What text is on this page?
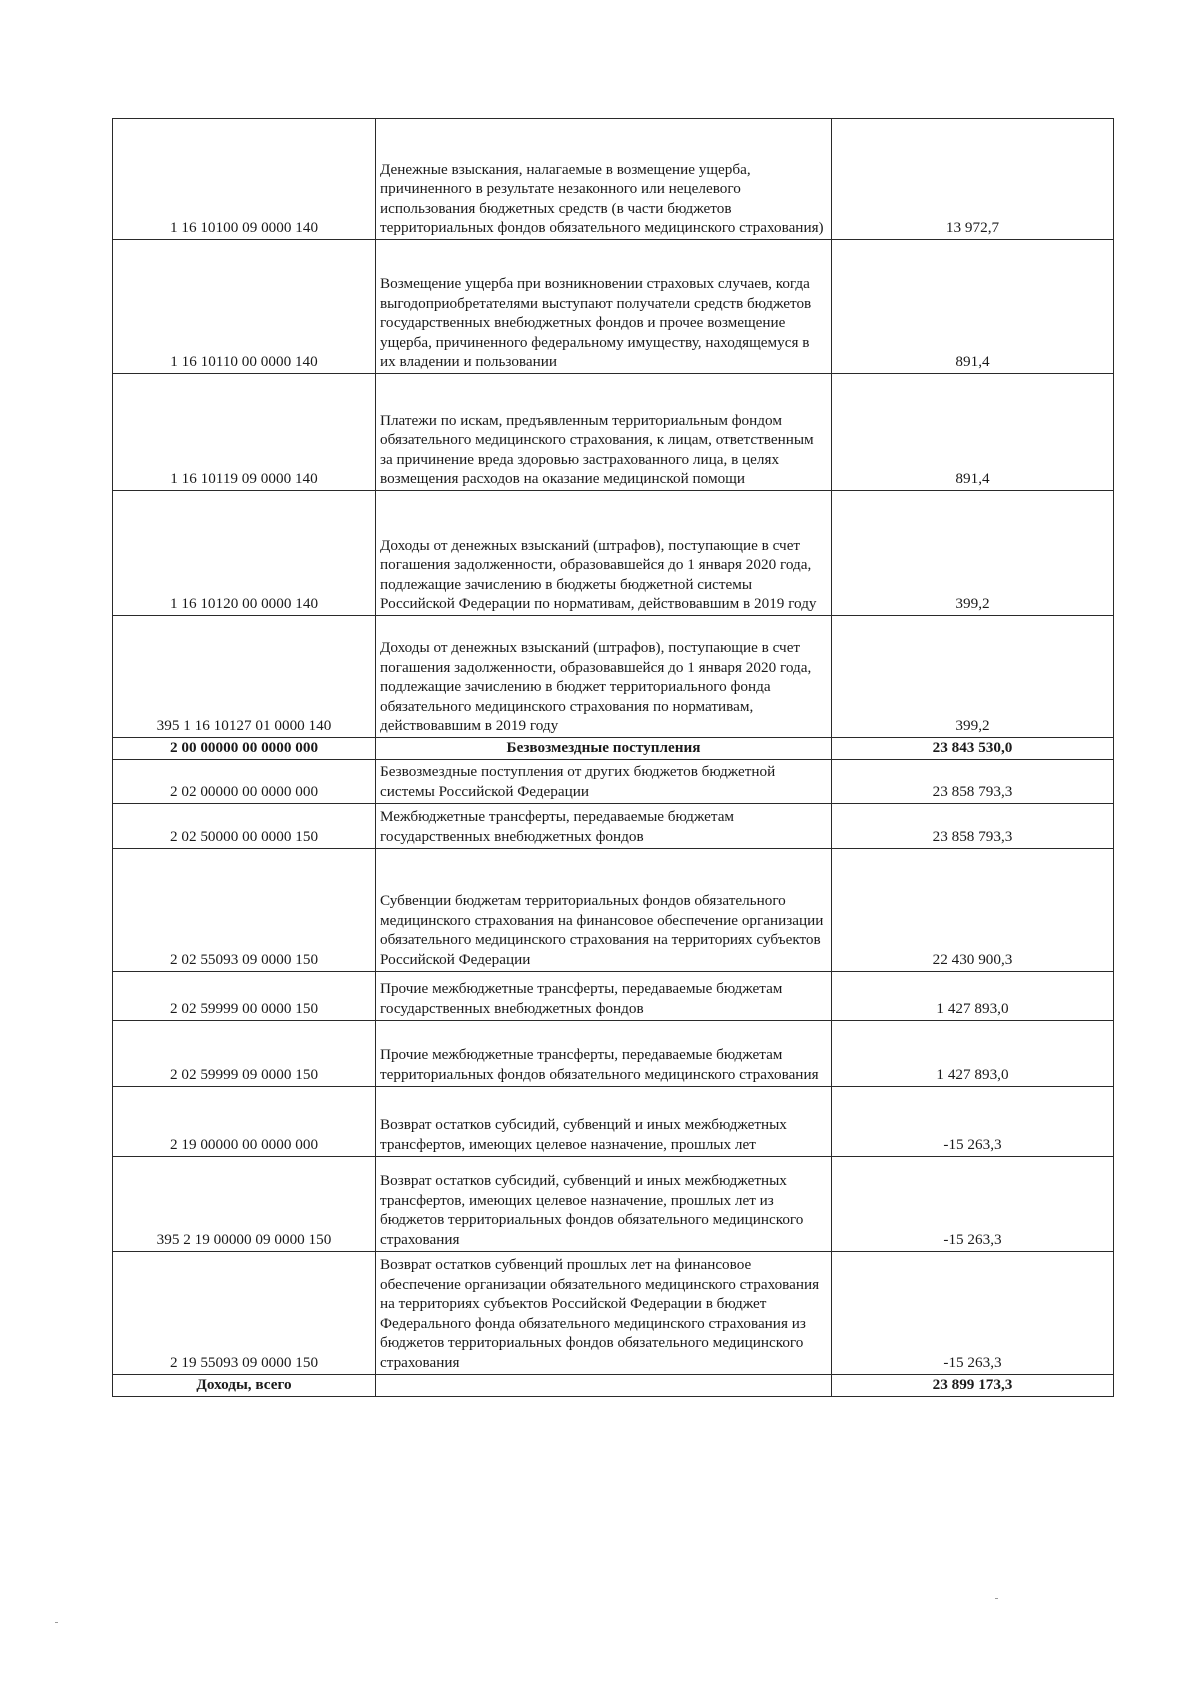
1 16 10100 09 0000 140	Денежные взыскания, налагаемые в возмещение ущерба, причиненного в результате незаконного или нецелевого использования бюджетных средств (в части бюджетов территориальных фондов обязательного медицинского страхования)	13 972,7
1 16 10110 00 0000 140	Возмещение ущерба при возникновении страховых случаев, когда выгодоприобретателями выступают получатели средств бюджетов государственных внебюджетных фондов и прочее возмещение ущерба, причиненного федеральному имуществу, находящемуся в их владении и пользовании	891,4
1 16 10119 09 0000 140	Платежи по искам, предъявленным территориальным фондом обязательного медицинского страхования, к лицам, ответственным за причинение вреда здоровью застрахованного лица, в целях возмещения расходов на оказание медицинской помощи	891,4
1 16 10120 00 0000 140	Доходы от денежных взысканий (штрафов), поступающие в счет погашения задолженности, образовавшейся до 1 января 2020 года, подлежащие зачислению в бюджеты бюджетной системы Российской Федерации по нормативам, действовавшим в 2019 году	399,2
395 1 16 10127 01 0000 140	Доходы от денежных взысканий (штрафов), поступающие в счет погашения задолженности, образовавшейся до 1 января 2020 года, подлежащие зачислению в бюджет территориального фонда обязательного медицинского страхования по нормативам, действовавшим в 2019 году	399,2
2 00 00000 00 0000 000	Безвозмездные поступления	23 843 530,0
2 02 00000 00 0000 000	Безвозмездные поступления от других бюджетов бюджетной системы Российской Федерации	23 858 793,3
2 02 50000 00 0000 150	Межбюджетные трансферты, передаваемые бюджетам государственных внебюджетных фондов	23 858 793,3
2 02 55093 09 0000 150	Субвенции бюджетам территориальных фондов обязательного медицинского страхования на финансовое обеспечение организации обязательного медицинского страхования на территориях субъектов Российской Федерации	22 430 900,3
2 02 59999 00 0000 150	Прочие межбюджетные трансферты, передаваемые бюджетам государственных внебюджетных фондов	1 427 893,0
2 02 59999 09 0000 150	Прочие межбюджетные трансферты, передаваемые бюджетам территориальных фондов обязательного медицинского страхования	1 427 893,0
2 19 00000 00 0000 000	Возврат остатков субсидий, субвенций и иных межбюджетных трансфертов, имеющих целевое назначение, прошлых лет	-15 263,3
395 2 19 00000 09 0000 150	Возврат остатков субсидий, субвенций и иных межбюджетных трансфертов, имеющих целевое назначение, прошлых лет из бюджетов территориальных фондов обязательного медицинского страхования	-15 263,3
2 19 55093 09 0000 150	Возврат остатков субвенций прошлых лет на финансовое обеспечение организации обязательного медицинского страхования на территориях субъектов Российской Федерации в бюджет Федерального фонда обязательного медицинского страхования из бюджетов территориальных фондов обязательного медицинского страхования	-15 263,3
Доходы, всего		23 899 173,3
